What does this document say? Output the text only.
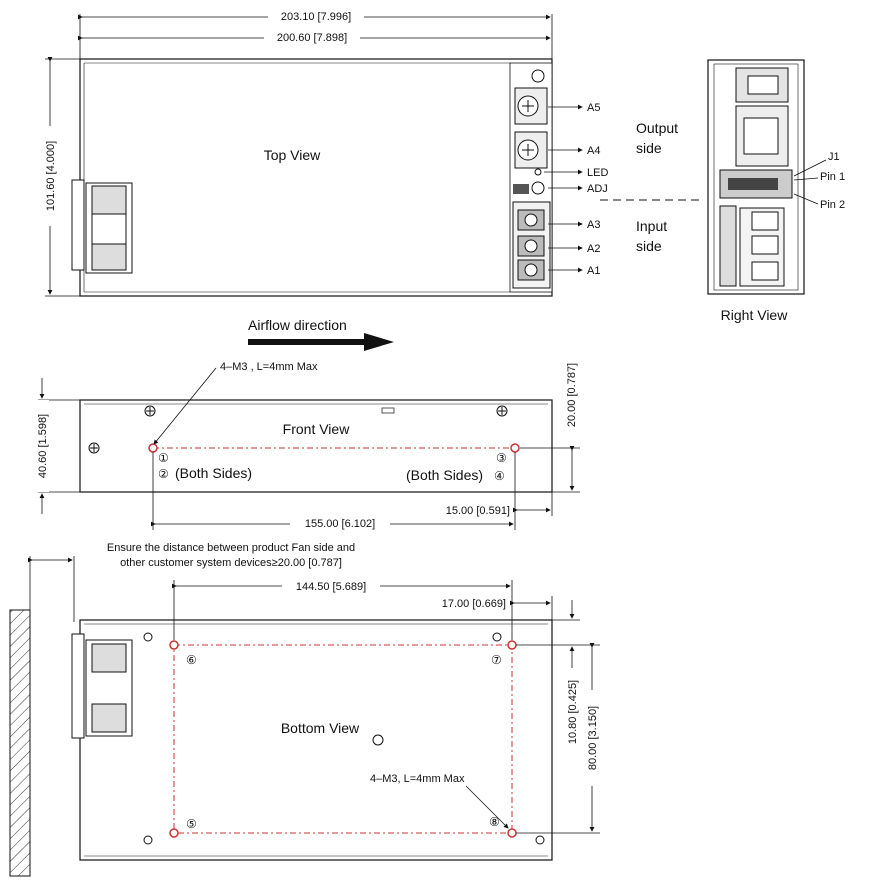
203.10 [7.996]
200.60 [7.898]
101.60 [4.000]	Top View
A5
A4
LED
ADJ
A3
A2
A1
Output side
Input side
J1
Pin 1
Pin 2
Right View
Airflow direction
Front View
4–M3 , L=4mm Max
①
② (Both Sides)
③
(Both Sides) ④
40.60 [1.598]
20.00 [0.787]
155.00 [6.102]
15.00 [0.591]
Ensure the distance between product Fan side and
other customer system devices≥20.00 [0.787]
⑥	⑦
⑤	⑧
Bottom View
4–M3, L=4mm Max
144.50 [5.689]
17.00 [0.669]
10.80 [0.425] 80.00 [3.150]
